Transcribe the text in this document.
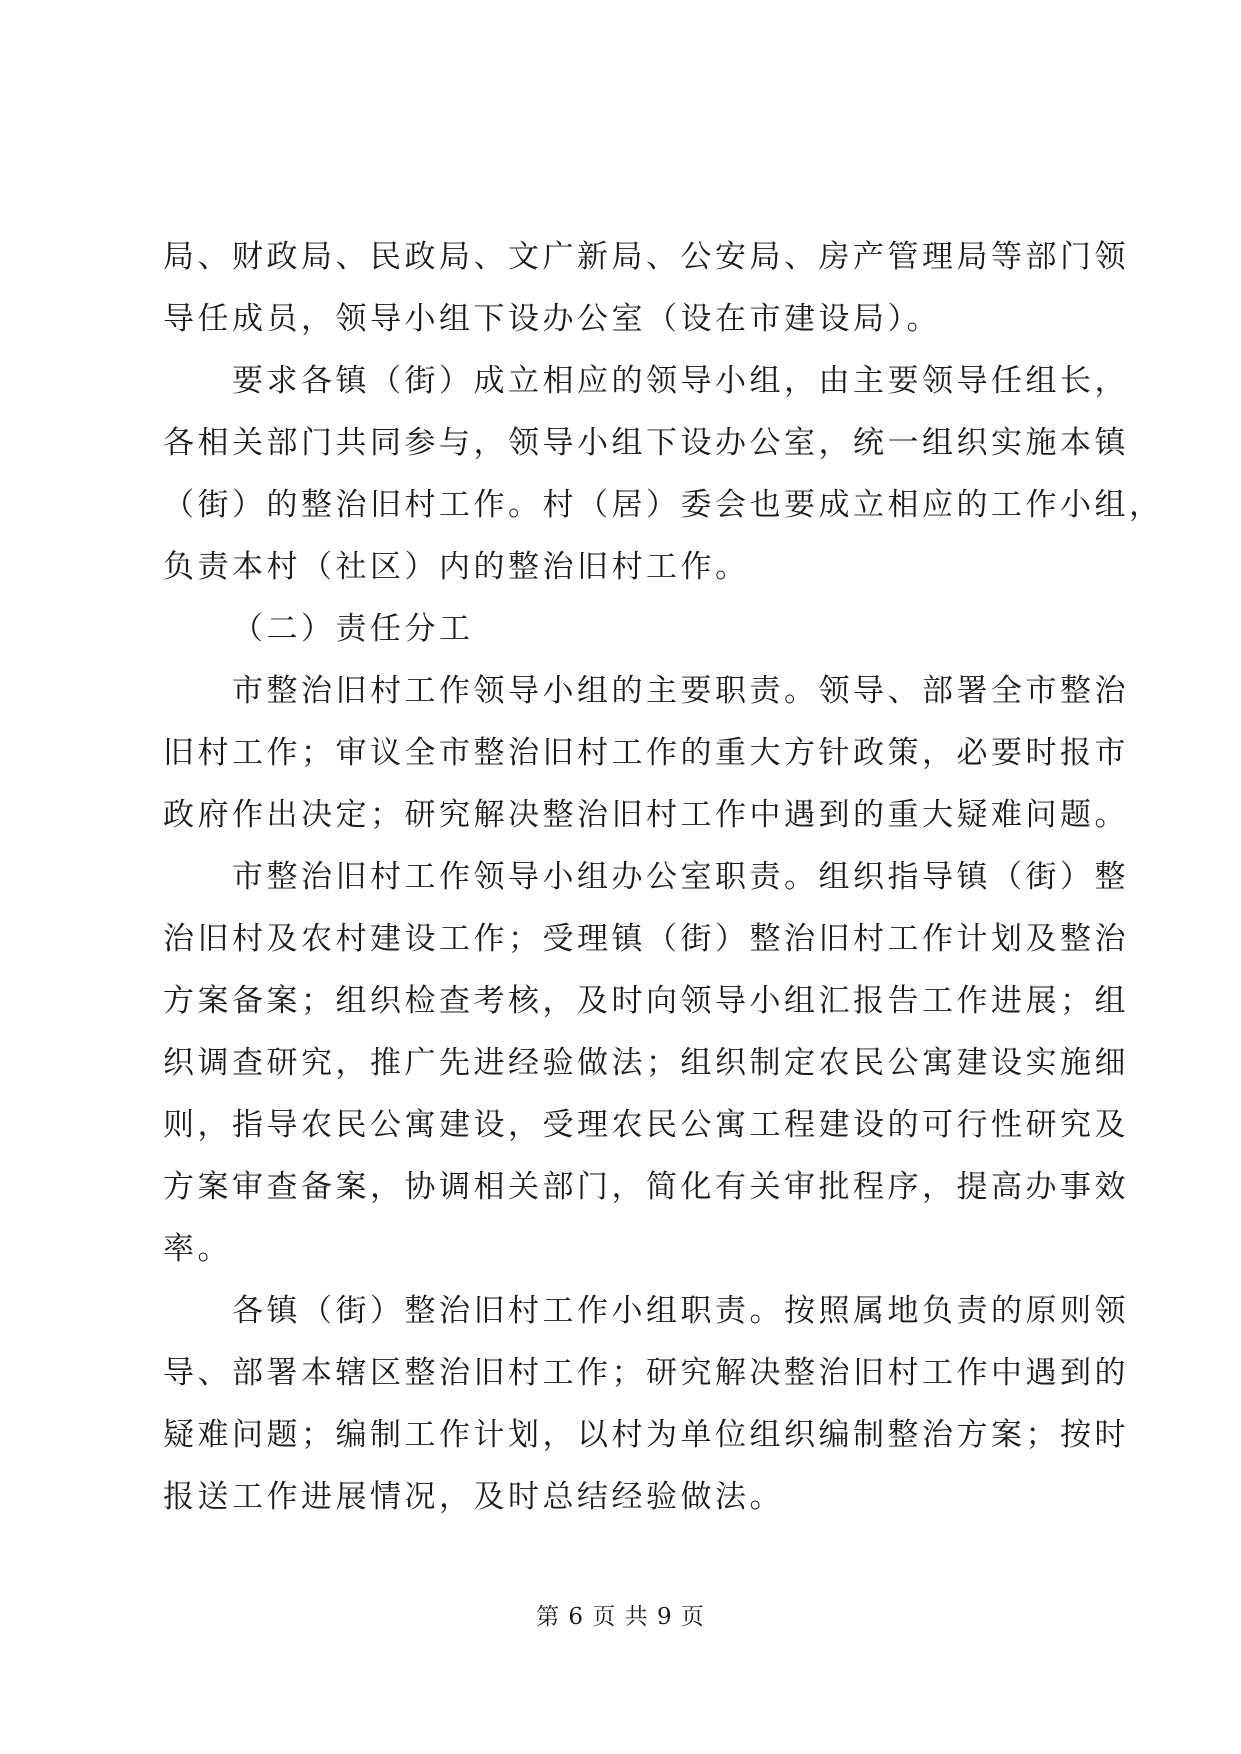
局、财政局、民政局、文广新局、公安局、房产管理局等部门领

导任成员，领导小组下设办公室（设在市建设局）。

要求各镇（街）成立相应的领导小组，由主要领导任组长，

各相关部门共同参与，领导小组下设办公室，统一组织实施本镇

（街）的整治旧村工作。村（居）委会也要成立相应的工作小组，

负责本村（社区）内的整治旧村工作。

（二）责任分工

市整治旧村工作领导小组的主要职责。领导、部署全市整治

旧村工作；审议全市整治旧村工作的重大方针政策，必要时报市

政府作出决定；研究解决整治旧村工作中遇到的重大疑难问题。

市整治旧村工作领导小组办公室职责。组织指导镇（街）整

治旧村及农村建设工作；受理镇（街）整治旧村工作计划及整治

方案备案；组织检查考核，及时向领导小组汇报告工作进展；组

织调查研究，推广先进经验做法；组织制定农民公寓建设实施细

则，指导农民公寓建设，受理农民公寓工程建设的可行性研究及

方案审查备案，协调相关部门，简化有关审批程序，提高办事效

率。

各镇（街）整治旧村工作小组职责。按照属地负责的原则领

导、部署本辖区整治旧村工作；研究解决整治旧村工作中遇到的

疑难问题；编制工作计划，以村为单位组织编制整治方案；按时

报送工作进展情况，及时总结经验做法。

第 6 页 共 9 页
